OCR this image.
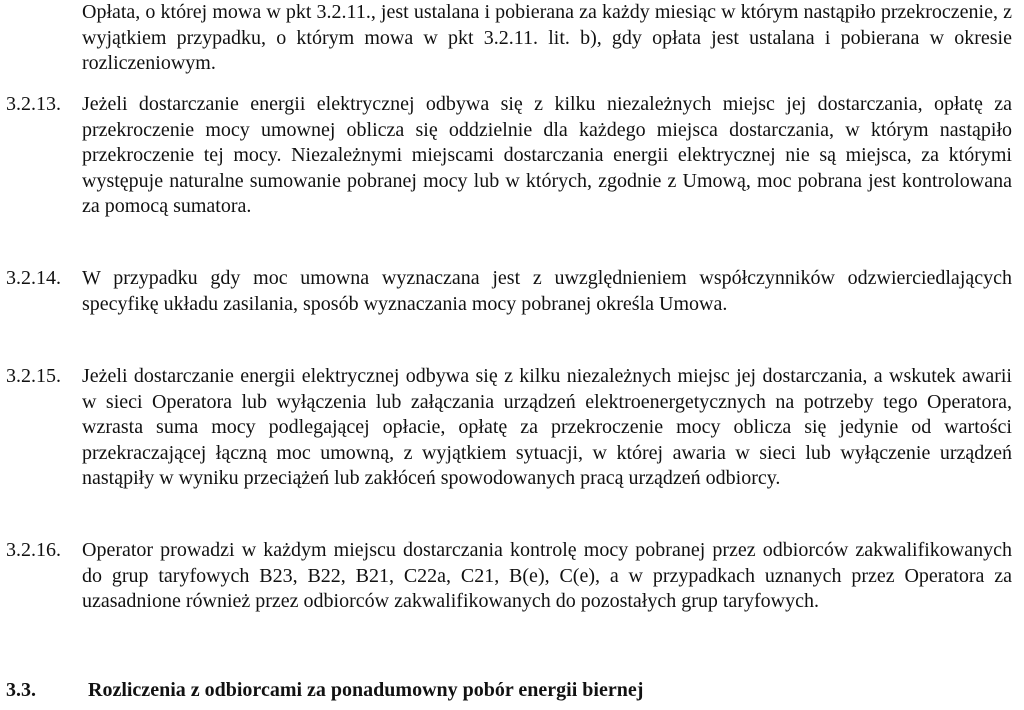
Opłata, o której mowa w pkt 3.2.11., jest ustalana i pobierana za każdy miesiąc w którym nastąpiło przekroczenie, z wyjątkiem przypadku, o którym mowa w pkt 3.2.11. lit. b), gdy opłata jest ustalana i pobierana w okresie rozliczeniowym.
3.2.13. Jeżeli dostarczanie energii elektrycznej odbywa się z kilku niezależnych miejsc jej dostarczania, opłatę za przekroczenie mocy umownej oblicza się oddzielnie dla każdego miejsca dostarczania, w którym nastąpiło przekroczenie tej mocy. Niezależnymi miejscami dostarczania energii elektrycznej nie są miejsca, za którymi występuje naturalne sumowanie pobranej mocy lub w których, zgodnie z Umową, moc pobrana jest kontrolowana za pomocą sumatora.
3.2.14. W przypadku gdy moc umowna wyznaczana jest z uwzględnieniem współczynników odzwierciedlających specyfikę układu zasilania, sposób wyznaczania mocy pobranej określa Umowa.
3.2.15. Jeżeli dostarczanie energii elektrycznej odbywa się z kilku niezależnych miejsc jej dostarczania, a wskutek awarii w sieci Operatora lub wyłączenia lub załączania urządzeń elektroenergetycznych na potrzeby tego Operatora, wzrasta suma mocy podlegającej opłacie, opłatę za przekroczenie mocy oblicza się jedynie od wartości przekraczającej łączną moc umowną, z wyjątkiem sytuacji, w której awaria w sieci lub wyłączenie urządzeń nastąpiły w wyniku przeciążeń lub zakłóceń spowodowanych pracą urządzeń odbiorcy.
3.2.16. Operator prowadzi w każdym miejscu dostarczania kontrolę mocy pobranej przez odbiorców zakwalifikowanych do grup taryfowych B23, B22, B21, C22a, C21, B(e), C(e), a w przypadkach uznanych przez Operatora za uzasadnione również przez odbiorców zakwalifikowanych do pozostałych grup taryfowych.
3.3.	Rozliczenia z odbiorcami za ponadumowny pobór energii biernej
